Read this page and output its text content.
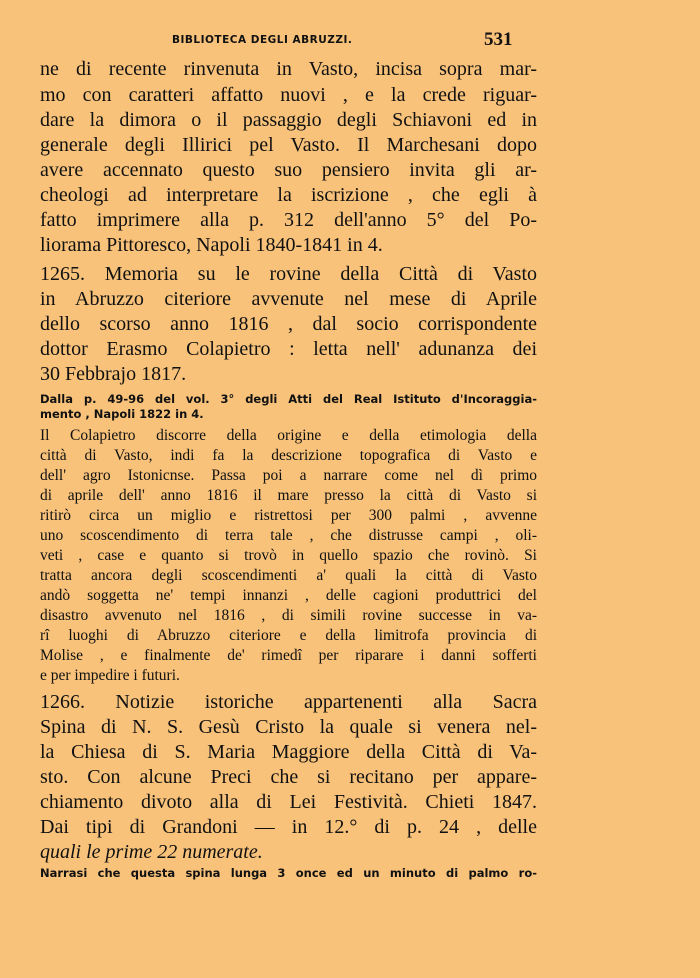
BIBLIOTECA DEGLI ABRUZZI.	531
ne di recente rinvenuta in Vasto, incisa sopra mar-
mo con caratteri affatto nuovi , e la crede riguar-
dare la dimora o il passaggio degli Schiavoni ed in
generale degli Illirici pel Vasto. Il Marchesani dopo
avere accennato questo suo pensiero invita gli ar-
cheologi ad interpretare la iscrizione , che egli à
fatto imprimere alla p. 312 dell'anno 5° del Po-
liorama Pittoresco, Napoli 1840-1841 in 4.
1265. Memoria su le rovine della Città di Vasto
in Abruzzo citeriore avvenute nel mese di Aprile
dello scorso anno 1816 , dal socio corrispondente
dottor Erasmo Colapietro : letta nell' adunanza dei
30 Febbrajo 1817.
Dalla p. 49-96 del vol. 3° degli Atti del Real Istituto d'Incoraggia-
mento , Napoli 1822 in 4.
Il Colapietro discorre della origine e della etimologia della
città di Vasto, indi fa la descrizione topografica di Vasto e
dell' agro Istonicnse. Passa poi a narrare come nel dì primo
di aprile dell' anno 1816 il mare presso la città di Vasto si
ritirò circa un miglio e ristrettosi per 300 palmi , avvenne
uno scoscendimento di terra tale , che distrusse campi , oli-
veti , case e quanto si trovò in quello spazio che rovinò. Si
tratta ancora degli scoscendimenti a' quali la città di Vasto
andò soggetta ne' tempi innanzi , delle cagioni produttrici del
disastro avvenuto nel 1816 , di simili rovine successe in va-
rî luoghi di Abruzzo citeriore e della limitrofa provincia di
Molise , e finalmente de' rimedî per riparare i danni sofferti
e per impedire i futuri.
1266. Notizie istoriche appartenenti alla Sacra
Spina di N. S. Gesù Cristo la quale si venera nel-
la Chiesa di S. Maria Maggiore della Città di Va-
sto. Con alcune Preci che si recitano per appare-
chiamento divoto alla di Lei Festività. Chieti 1847.
Dai tipi di Grandoni — in 12.° di p. 24 , delle
quali le prime 22 numerate.
Narrasi che questa spina lunga 3 once ed un minuto di palmo ro-
